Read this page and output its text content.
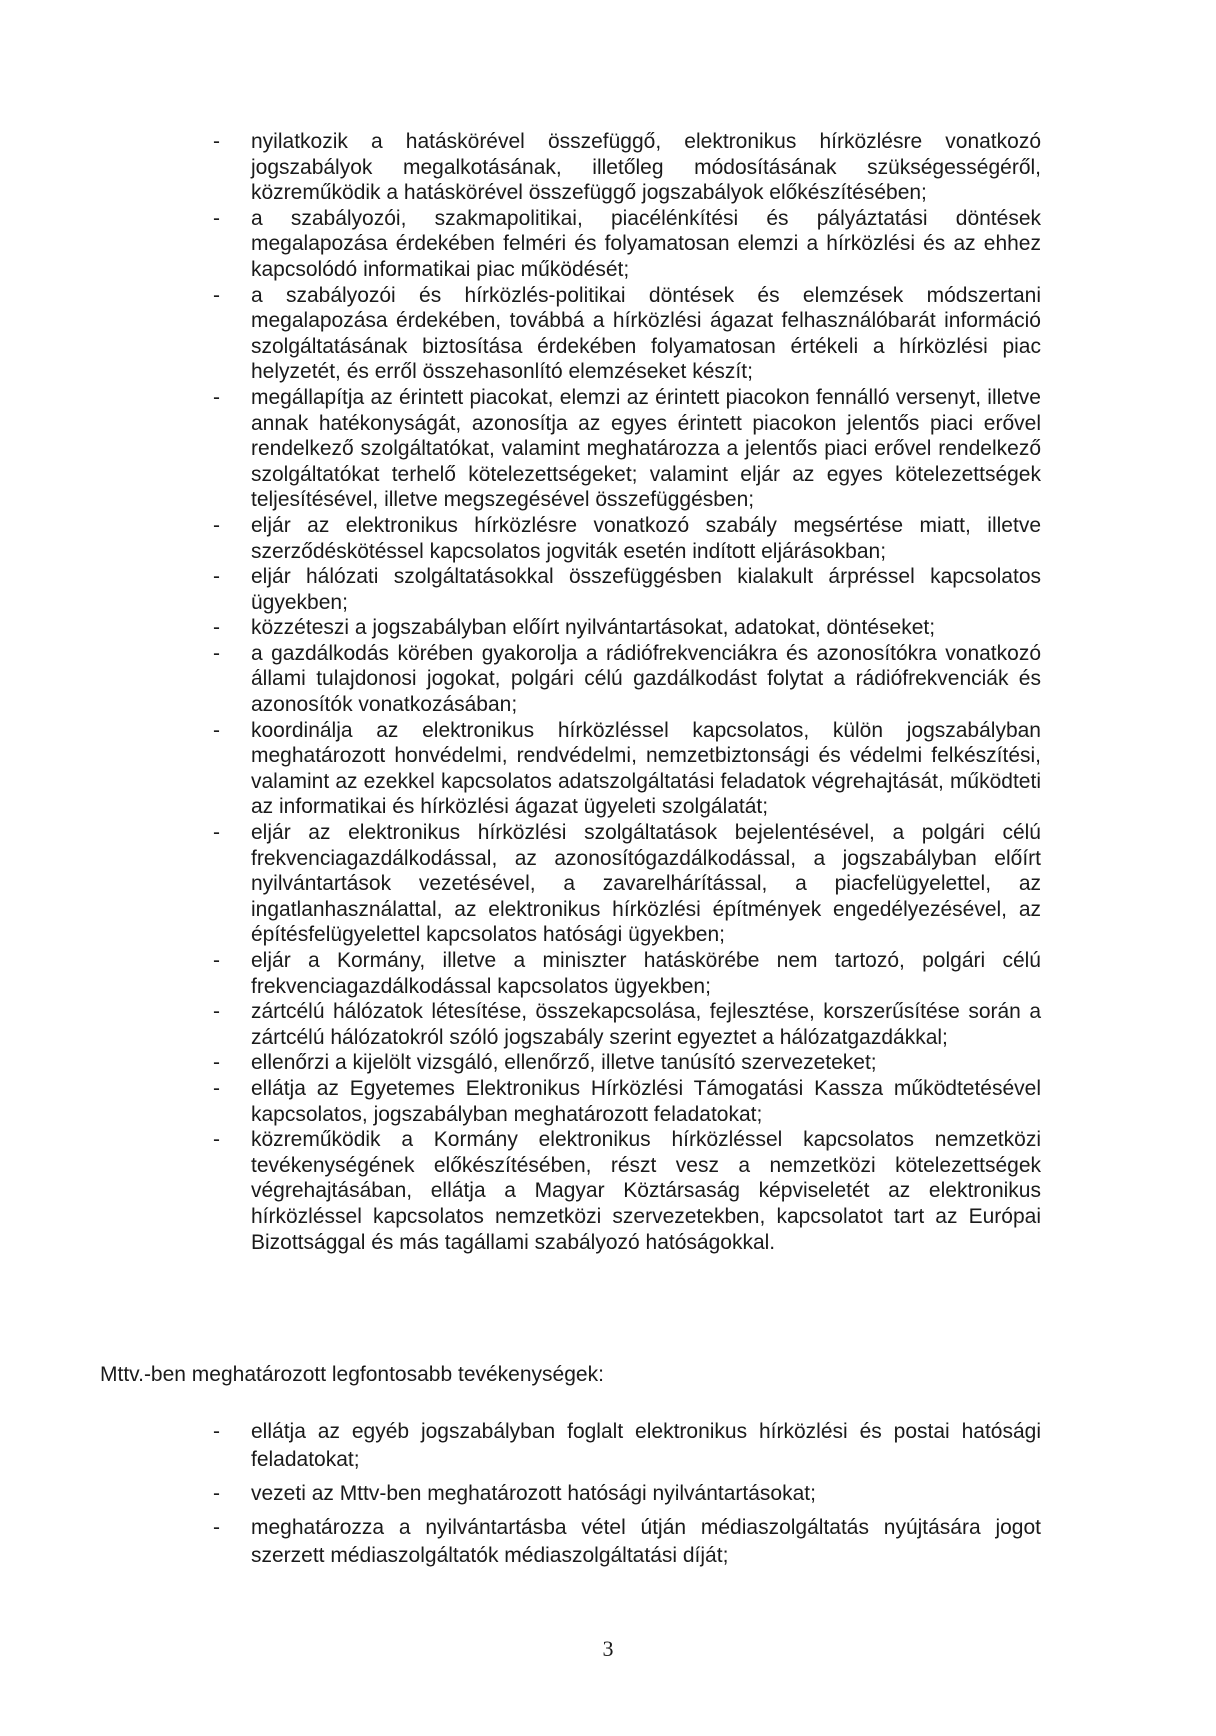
- nyilatkozik a hatáskörével összefüggő, elektronikus hírközlésre vonatkozó jogszabályok megalkotásának, illetőleg módosításának szükségességéről, közreműködik a hatáskörével összefüggő jogszabályok előkészítésében;
- a szabályozói, szakmapolitikai, piacélénkítési és pályáztatási döntések megalapozása érdekében felméri és folyamatosan elemzi a hírközlési és az ehhez kapcsolódó informatikai piac működését;
- a szabályozói és hírközlés-politikai döntések és elemzések módszertani megalapozása érdekében, továbbá a hírközlési ágazat felhasználóbarát információ szolgáltatásának biztosítása érdekében folyamatosan értékeli a hírközlési piac helyzetét, és erről összehasonlító elemzéseket készít;
- megállapítja az érintett piacokat, elemzi az érintett piacokon fennálló versenyt, illetve annak hatékonyságát, azonosítja az egyes érintett piacokon jelentős piaci erővel rendelkező szolgáltatókat, valamint meghatározza a jelentős piaci erővel rendelkező szolgáltatókat terhelő kötelezettségeket; valamint eljár az egyes kötelezettségek teljesítésével, illetve megszegésével összefüggésben;
- eljár az elektronikus hírközlésre vonatkozó szabály megsértése miatt, illetve szerződéskötéssel kapcsolatos jogviták esetén indított eljárásokban;
- eljár hálózati szolgáltatásokkal összefüggésben kialakult árpréssel kapcsolatos ügyekben;
- közzéteszi a jogszabályban előírt nyilvántartásokat, adatokat, döntéseket;
- a gazdálkodás körében gyakorolja a rádiófrekvenciákra és azonosítókra vonatkozó állami tulajdonosi jogokat, polgári célú gazdálkodást folytat a rádiófrekvenciák és azonosítók vonatkozásában;
- koordinálja az elektronikus hírközléssel kapcsolatos, külön jogszabályban meghatározott honvédelmi, rendvédelmi, nemzetbiztonsági és védelmi felkészítési, valamint az ezekkel kapcsolatos adatszolgáltatási feladatok végrehajtását, működteti az informatikai és hírközlési ágazat ügyeleti szolgálatát;
- eljár az elektronikus hírközlési szolgáltatások bejelentésével, a polgári célú frekvenciagazdálkodással, az azonosítógazdálkodással, a jogszabályban előírt nyilvántartások vezetésével, a zavarelhárítással, a piacfelügyelettel, az ingatlanhasználattal, az elektronikus hírközlési építmények engedélyezésével, az építésfelügyelettel kapcsolatos hatósági ügyekben;
- eljár a Kormány, illetve a miniszter hatáskörébe nem tartozó, polgári célú frekvenciagazdálkodással kapcsolatos ügyekben;
- zártcélú hálózatok létesítése, összekapcsolása, fejlesztése, korszerűsítése során a zártcélú hálózatokról szóló jogszabály szerint egyeztet a hálózatgazdákkal;
- ellenőrzi a kijelölt vizsgáló, ellenőrző, illetve tanúsító szervezeteket;
- ellátja az Egyetemes Elektronikus Hírközlési Támogatási Kassza működtetésével kapcsolatos, jogszabályban meghatározott feladatokat;
- közreműködik a Kormány elektronikus hírközléssel kapcsolatos nemzetközi tevékenységének előkészítésében, részt vesz a nemzetközi kötelezettségek végrehajtásában, ellátja a Magyar Köztársaság képviseletét az elektronikus hírközléssel kapcsolatos nemzetközi szervezetekben, kapcsolatot tart az Európai Bizottsággal és más tagállami szabályozó hatóságokkal.

Mttv.-ben meghatározott legfontosabb tevékenységek:

- ellátja az egyéb jogszabályban foglalt elektronikus hírközlési és postai hatósági feladatokat;
- vezeti az Mttv-ben meghatározott hatósági nyilvántartásokat;
- meghatározza a nyilvántartásba vétel útján médiaszolgáltatás nyújtására jogot szerzett médiaszolgáltatók médiaszolgáltatási díját;
3
